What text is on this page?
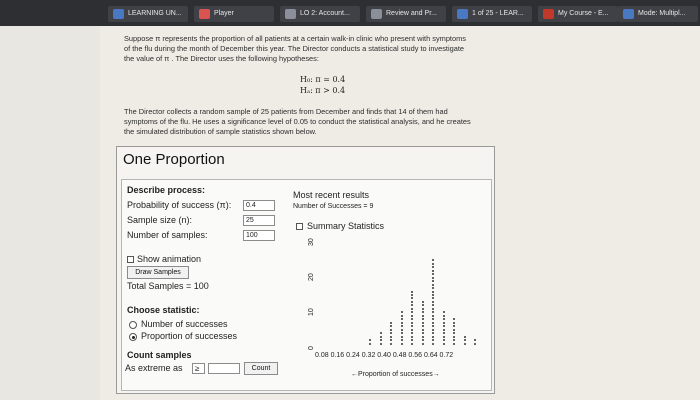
LEARNING UN...	Player	LO 2: Account...	Review and Pr...	1 of 25 - LEAR...	My Course - E...	Mode: Multipl...
Suppose π represents the proportion of all patients at a certain walk-in clinic who present with symptoms
of the flu during the month of December this year. The Director conducts a statistical study to investigate
the value of π . The Director uses the following hypotheses:
H₀: π = 0.4
Hₐ: π > 0.4
The Director collects a random sample of 25 patients from December and finds that 14 of them had
symptoms of the flu. He uses a significance level of 0.05 to conduct the statistical analysis, and he creates
the simulated distribution of sample statistics shown below.
One Proportion
Describe process:
Probability of success (π):	0.4
Sample size (n):	25
Number of samples:	100
Show animation
Draw Samples
Total Samples = 100
Choose statistic:
Number of successes
Proportion of successes
Count samples
As extreme as	≥	Count
Most recent results
Number of Successes = 9
Summary Statistics
30
20
10
0
0.08 0.16 0.24 0.32 0.40 0.48 0.56 0.64 0.72
←Proportion of successes→
